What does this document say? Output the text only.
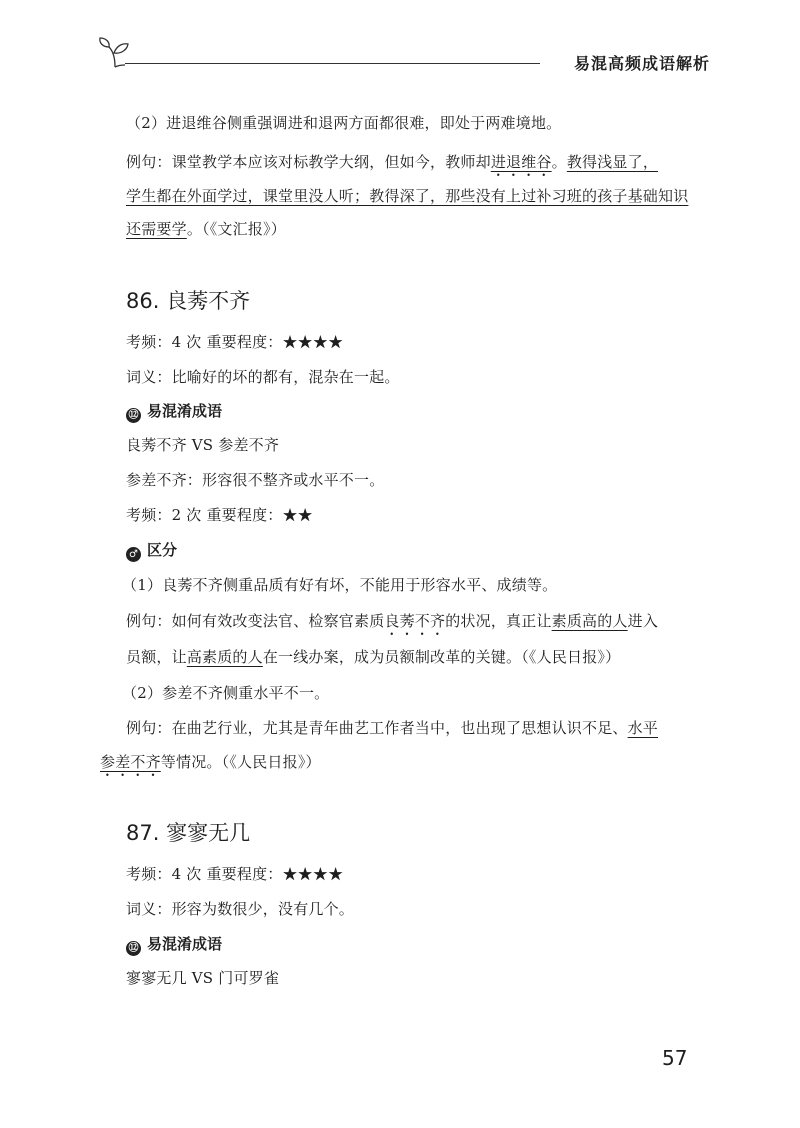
易混高频成语解析
（2）进退维谷侧重强调进和退两方面都很难，即处于两难境地。
例句：课堂教学本应该对标教学大纲，但如今，教师却进退维谷。教得浅显了，
学生都在外面学过，课堂里没人听；教得深了，那些没有上过补习班的孩子基础知识
还需要学。（《文汇报》）
86. 良莠不齐
考频：4 次 重要程度：★★★★
词义：比喻好的坏的都有，混杂在一起。
⑫ 易混淆成语
良莠不齐 VS 参差不齐
参差不齐：形容很不整齐或水平不一。
考频：2 次 重要程度：★★
♂ 区分
（1）良莠不齐侧重品质有好有坏，不能用于形容水平、成绩等。
例句：如何有效改变法官、检察官素质良莠不齐的状况，真正让素质高的人进入
员额，让高素质的人在一线办案，成为员额制改革的关键。（《人民日报》）
（2）参差不齐侧重水平不一。
例句：在曲艺行业，尤其是青年曲艺工作者当中，也出现了思想认识不足、水平
参差不齐等情况。（《人民日报》）
87. 寥寥无几
考频：4 次 重要程度：★★★★
词义：形容为数很少，没有几个。
⑫ 易混淆成语
寥寥无几 VS 门可罗雀
57
